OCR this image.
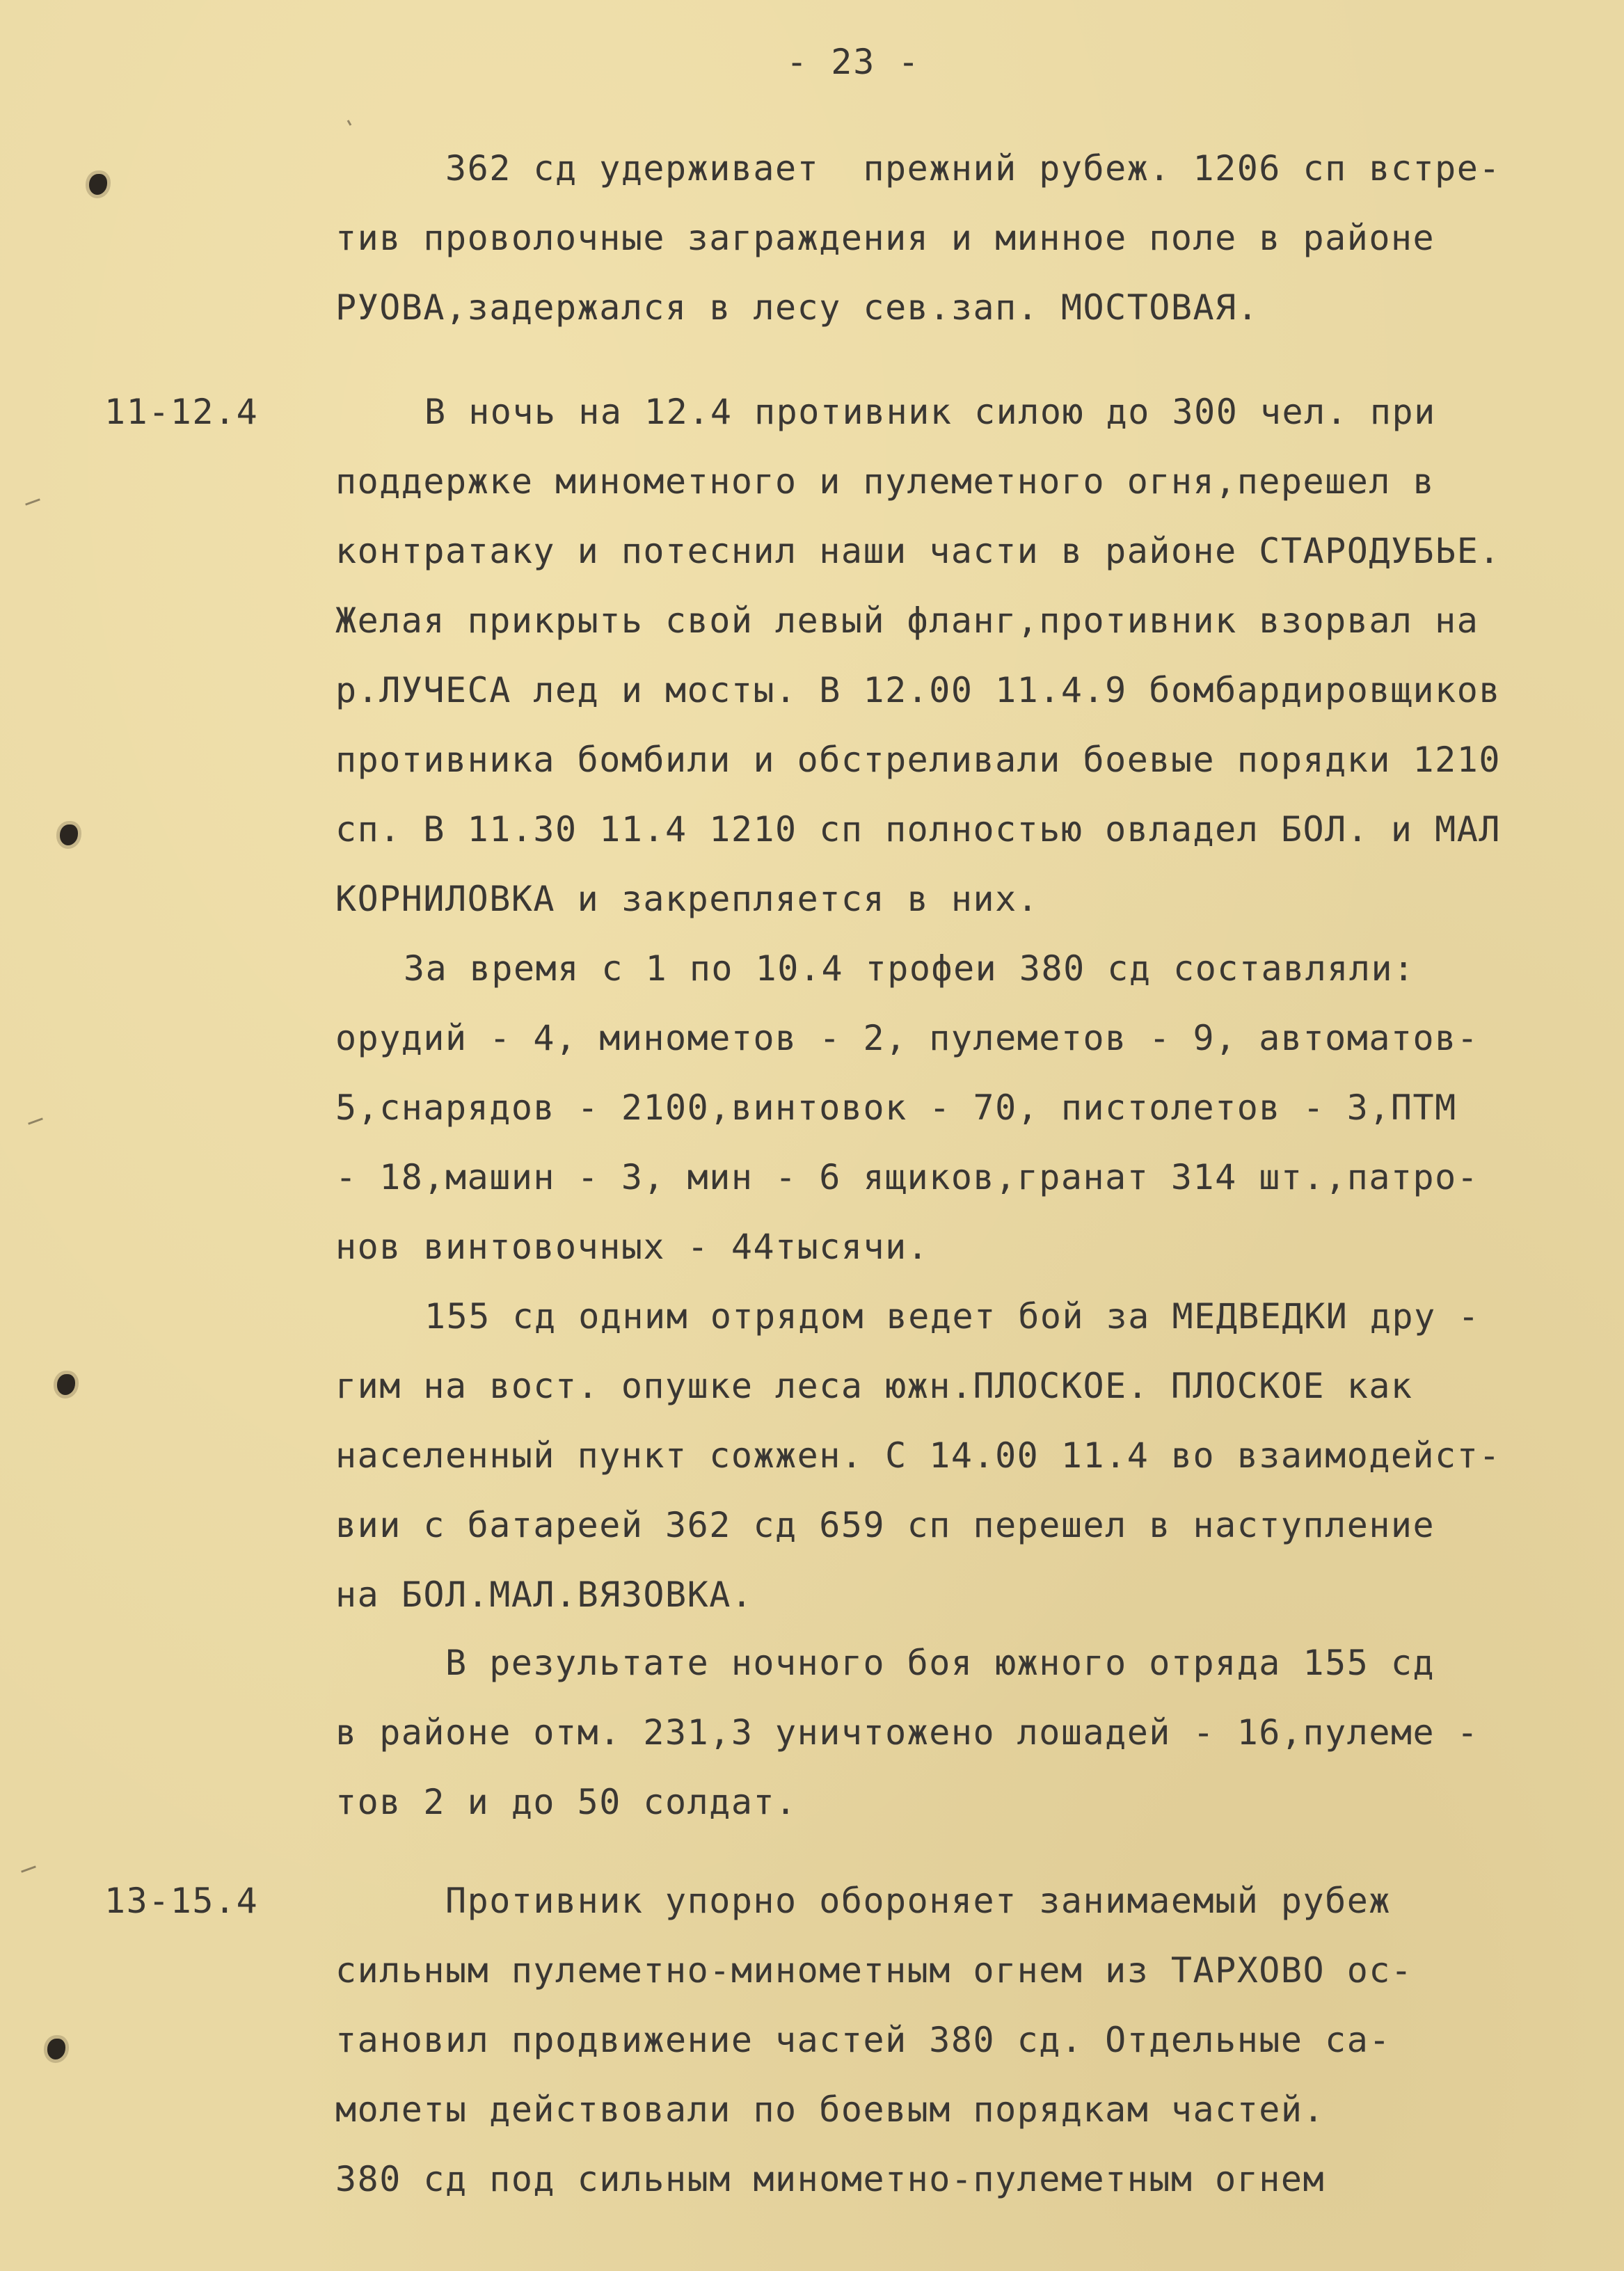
- 23 -
362 сд удерживает  прежний рубеж. 1206 сп встре-
тив проволочные заграждения и минное поле в районе
РУОВА,задержался в лесу сев.зап. МОСТОВАЯ.
11-12.4	В ночь на 12.4 противник силою до 300 чел. при
поддержке минометного и пулеметного огня,перешел в
контратаку и потеснил наши части в районе СТАРОДУБЬЕ.
Желая прикрыть свой левый фланг,противник взорвал на
р.ЛУЧЕСА лед и мосты. В 12.00 11.4.9 бомбардировщиков
противника бомбили и обстреливали боевые порядки 1210
сп. В 11.30 11.4 1210 сп полностью овладел БОЛ. и МАЛ
КОРНИЛОВКА и закрепляется в них.
За время с 1 по 10.4 трофеи 380 сд составляли:
орудий - 4, минометов - 2, пулеметов - 9, автоматов-
5,снарядов - 2100,винтовок - 70, пистолетов - 3,ПТМ
- 18,машин - 3, мин - 6 ящиков,гранат 314 шт.,патро-
нов винтовочных - 44тысячи.
155 сд одним отрядом ведет бой за МЕДВЕДКИ дру -
гим на вост. опушке леса южн.ПЛОСКОЕ. ПЛОСКОЕ как
населенный пункт сожжен. С 14.00 11.4 во взаимодейст-
вии с батареей 362 сд 659 сп перешел в наступление
на БОЛ.МАЛ.ВЯЗОВКА.
В результате ночного боя южного отряда 155 сд
в районе отм. 231,3 уничтожено лошадей - 16,пулеме -
тов 2 и до 50 солдат.
13-15.4	Противник упорно обороняет занимаемый рубеж
сильным пулеметно-минометным огнем из ТАРХОВО ос-
тановил продвижение частей 380 сд. Отдельные са-
молеты действовали по боевым порядкам частей.
380 сд под сильным минометно-пулеметным огнем
